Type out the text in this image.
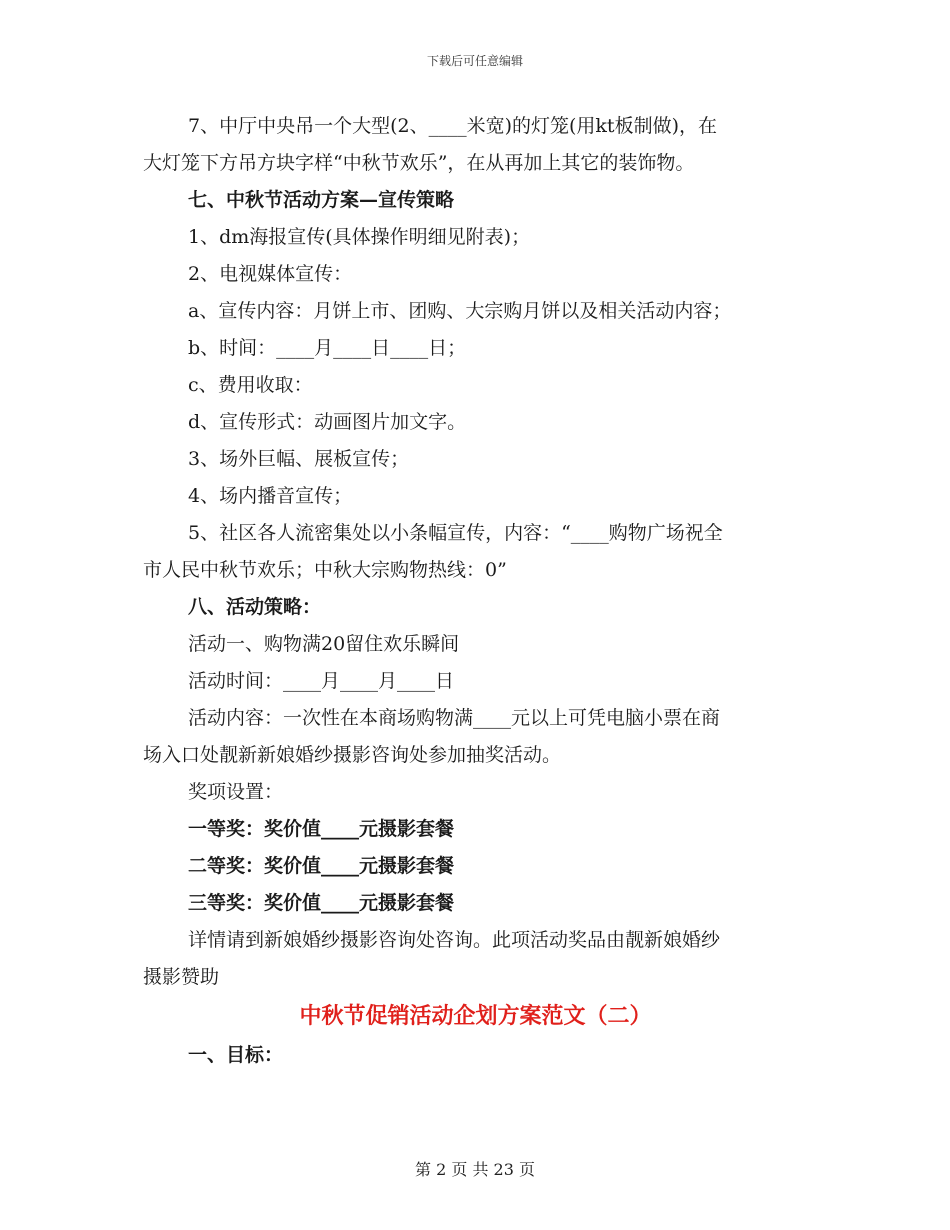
下载后可任意编辑
7、中厅中央吊一个大型(2、____米宽)的灯笼(用kt板制做)，在
大灯笼下方吊方块字样“中秋节欢乐”，在从再加上其它的装饰物。
七、中秋节活动方案—宣传策略
1、dm海报宣传(具体操作明细见附表)；
2、电视媒体宣传：
a、宣传内容：月饼上市、团购、大宗购月饼以及相关活动内容；
b、时间：____月____日____日；
c、费用收取：
d、宣传形式：动画图片加文字。
3、场外巨幅、展板宣传；
4、场内播音宣传；
5、社区各人流密集处以小条幅宣传，内容：“____购物广场祝全
市人民中秋节欢乐；中秋大宗购物热线：0”
八、活动策略：
活动一、购物满20留住欢乐瞬间
活动时间：____月____月____日
活动内容：一次性在本商场购物满____元以上可凭电脑小票在商
场入口处靓新新娘婚纱摄影咨询处参加抽奖活动。
奖项设置：
一等奖：奖价值____元摄影套餐
二等奖：奖价值____元摄影套餐
三等奖：奖价值____元摄影套餐
详情请到新娘婚纱摄影咨询处咨询。此项活动奖品由靓新娘婚纱
摄影赞助
中秋节促销活动企划方案范文（二）
一、目标：
第 2 页 共 23 页
